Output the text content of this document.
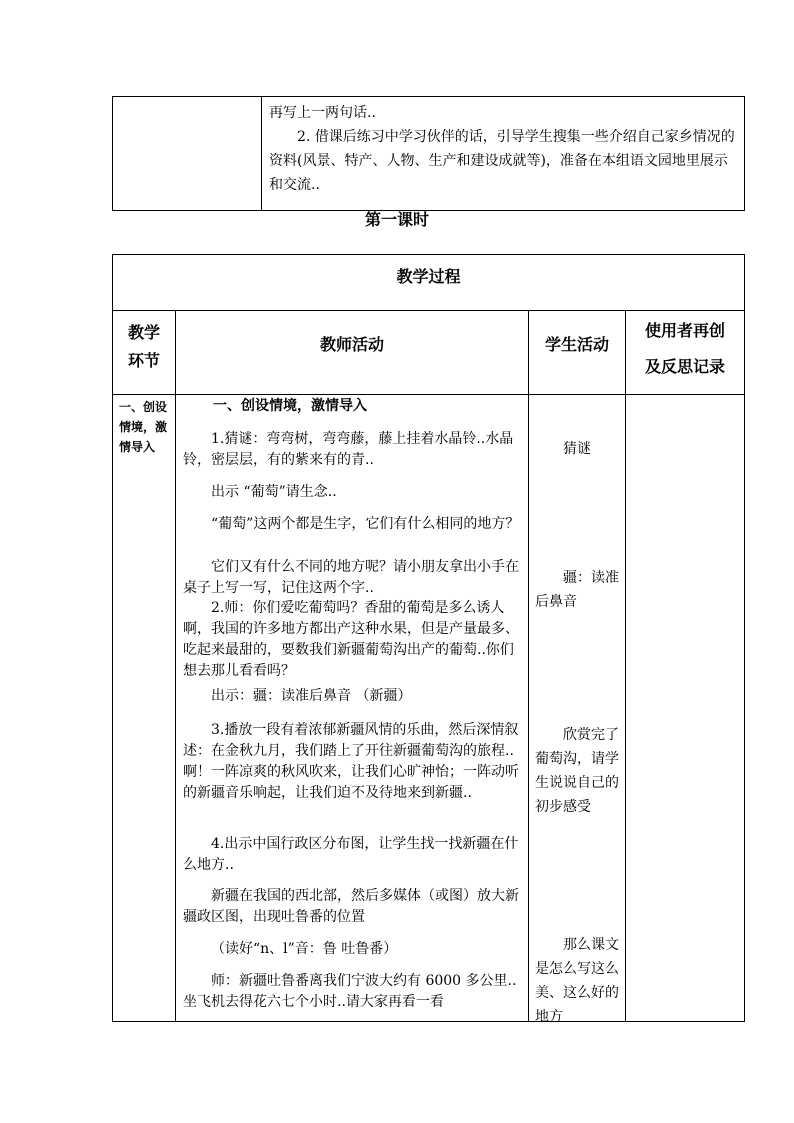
再写上一两句话..

2. 借课后练习中学习伙伴的话，引导学生搜集一些介绍自己家乡情况的资料(风景、特产、人物、生产和建设成就等)，准备在本组语文园地里展示和交流..

第一课时
教学过程
教学
环节
教师活动	学生活动
使用者再创
及反思记录
一、创设情境，激情导入
一、创设情境，激情导入

1.猜谜：弯弯树，弯弯藤，藤上挂着水晶铃..水晶铃，密层层，有的紫来有的青..

出示 “葡萄”请生念..

“葡萄”这两个都是生字，它们有什么相同的地方？

它们又有什么不同的地方呢？请小朋友拿出小手在桌子上写一写，记住这两个字..

2.师：你们爱吃葡萄吗？香甜的葡萄是多么诱人啊，我国的许多地方都出产这种水果，但是产量最多、吃起来最甜的，要数我们新疆葡萄沟出产的葡萄..你们想去那儿看看吗？

出示：疆：读准后鼻音 （新疆）

3.播放一段有着浓郁新疆风情的乐曲，然后深情叙述：在金秋九月，我们踏上了开往新疆葡萄沟的旅程..啊！一阵凉爽的秋风吹来，让我们心旷神怡；一阵动听的新疆音乐响起，让我们迫不及待地来到新疆..

4.出示中国行政区分布图，让学生找一找新疆在什么地方..

新疆在我国的西北部，然后多媒体（或图）放大新疆政区图，出现吐鲁番的位置

（读好“n、l”音：鲁 吐鲁番）

师：新疆吐鲁番离我们宁波大约有 6000 多公里..坐飞机去得花六七个小时..请大家再看一看

猜谜

疆：读准后鼻音

欣赏完了葡萄沟，请学生说说自己的初步感受

那么课文是怎么写这么美、这么好的地方
